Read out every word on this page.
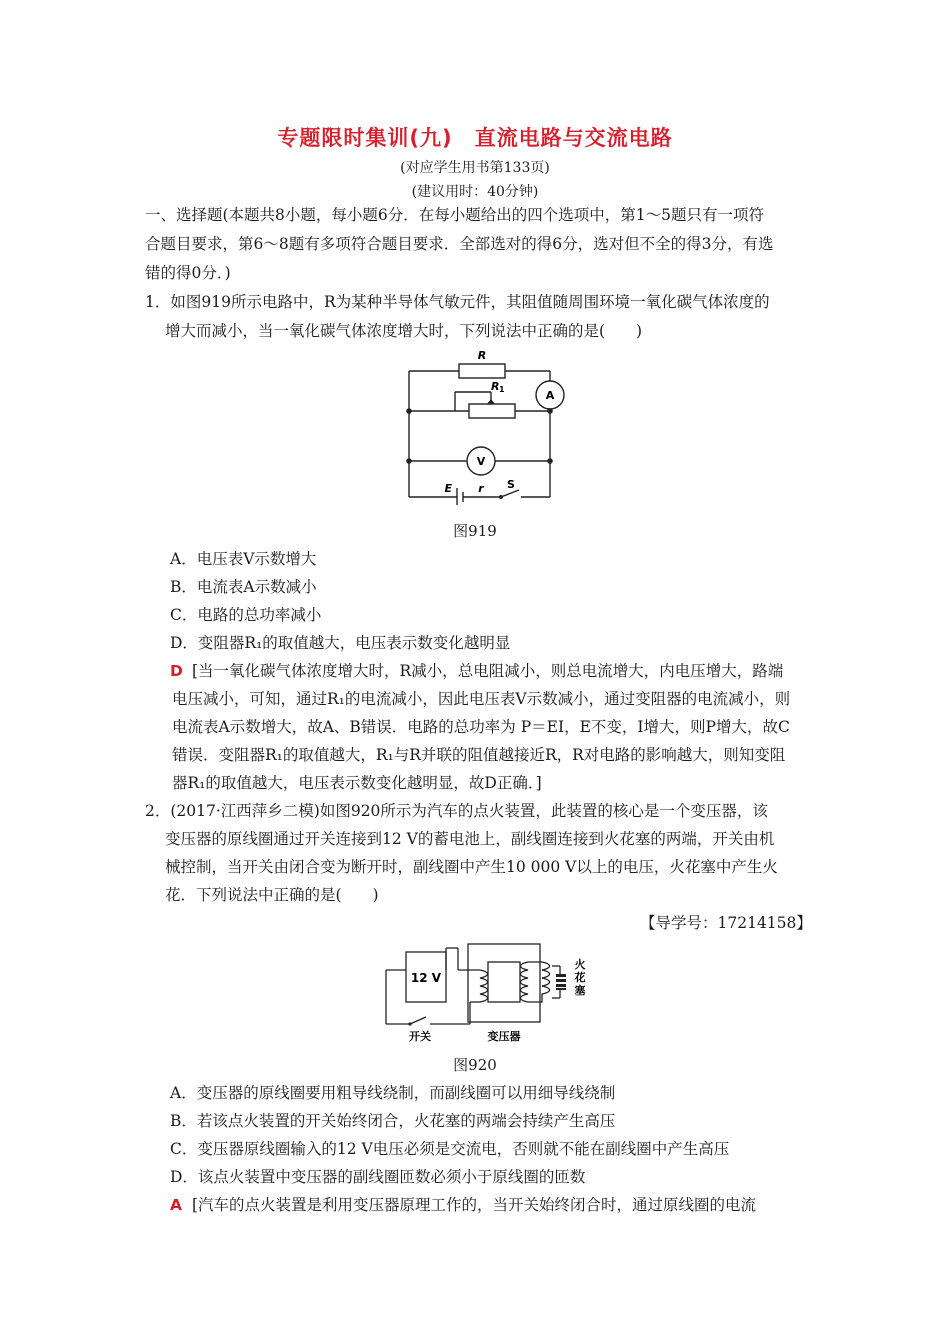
专题限时集训(九)　直流电路与交流电路
(对应学生用书第133页)
(建议用时：40分钟)
一、选择题(本题共8小题，每小题6分．在每小题给出的四个选项中，第1～5题只有一项符
合题目要求，第6～8题有多项符合题目要求．全部选对的得6分，选对但不全的得3分，有选
错的得0分．)
1．如图919所示电路中，R为某种半导体气敏元件，其阻值随周围环境一氧化碳气体浓度的
增大而减小，当一氧化碳气体浓度增大时，下列说法中正确的是(　　)
R
R 1	A
V
E r S
图919
A．电压表V示数增大
B．电流表A示数减小
C．电路的总功率减小
D．变阻器R₁的取值越大，电压表示数变化越明显
D [当一氧化碳气体浓度增大时，R减小，总电阻减小，则总电流增大，内电压增大，路端
电压减小，可知，通过R₁的电流减小，因此电压表V示数减小，通过变阻器的电流减小，则
电流表A示数增大，故A、B错误．电路的总功率为 P＝EI，E不变，I增大，则P增大，故C
错误．变阻器R₁的取值越大，R₁与R并联的阻值越接近R，R对电路的影响越大，则知变阻
器R₁的取值越大，电压表示数变化越明显，故D正确．]
2．(2017·江西萍乡二模)如图920所示为汽车的点火装置，此装置的核心是一个变压器，该
变压器的原线圈通过开关连接到12 V的蓄电池上，副线圈连接到火花塞的两端，开关由机
械控制，当开关由闭合变为断开时，副线圈中产生10 000 V以上的电压，火花塞中产生火
花．下列说法中正确的是(　　)
【导学号：17214158】
12 V
火
花
塞
开关	变压器
图920
A．变压器的原线圈要用粗导线绕制，而副线圈可以用细导线绕制
B．若该点火装置的开关始终闭合，火花塞的两端会持续产生高压
C．变压器原线圈输入的12 V电压必须是交流电，否则就不能在副线圈中产生高压
D．该点火装置中变压器的副线圈匝数必须小于原线圈的匝数
A [汽车的点火装置是利用变压器原理工作的，当开关始终闭合时，通过原线圈的电流
